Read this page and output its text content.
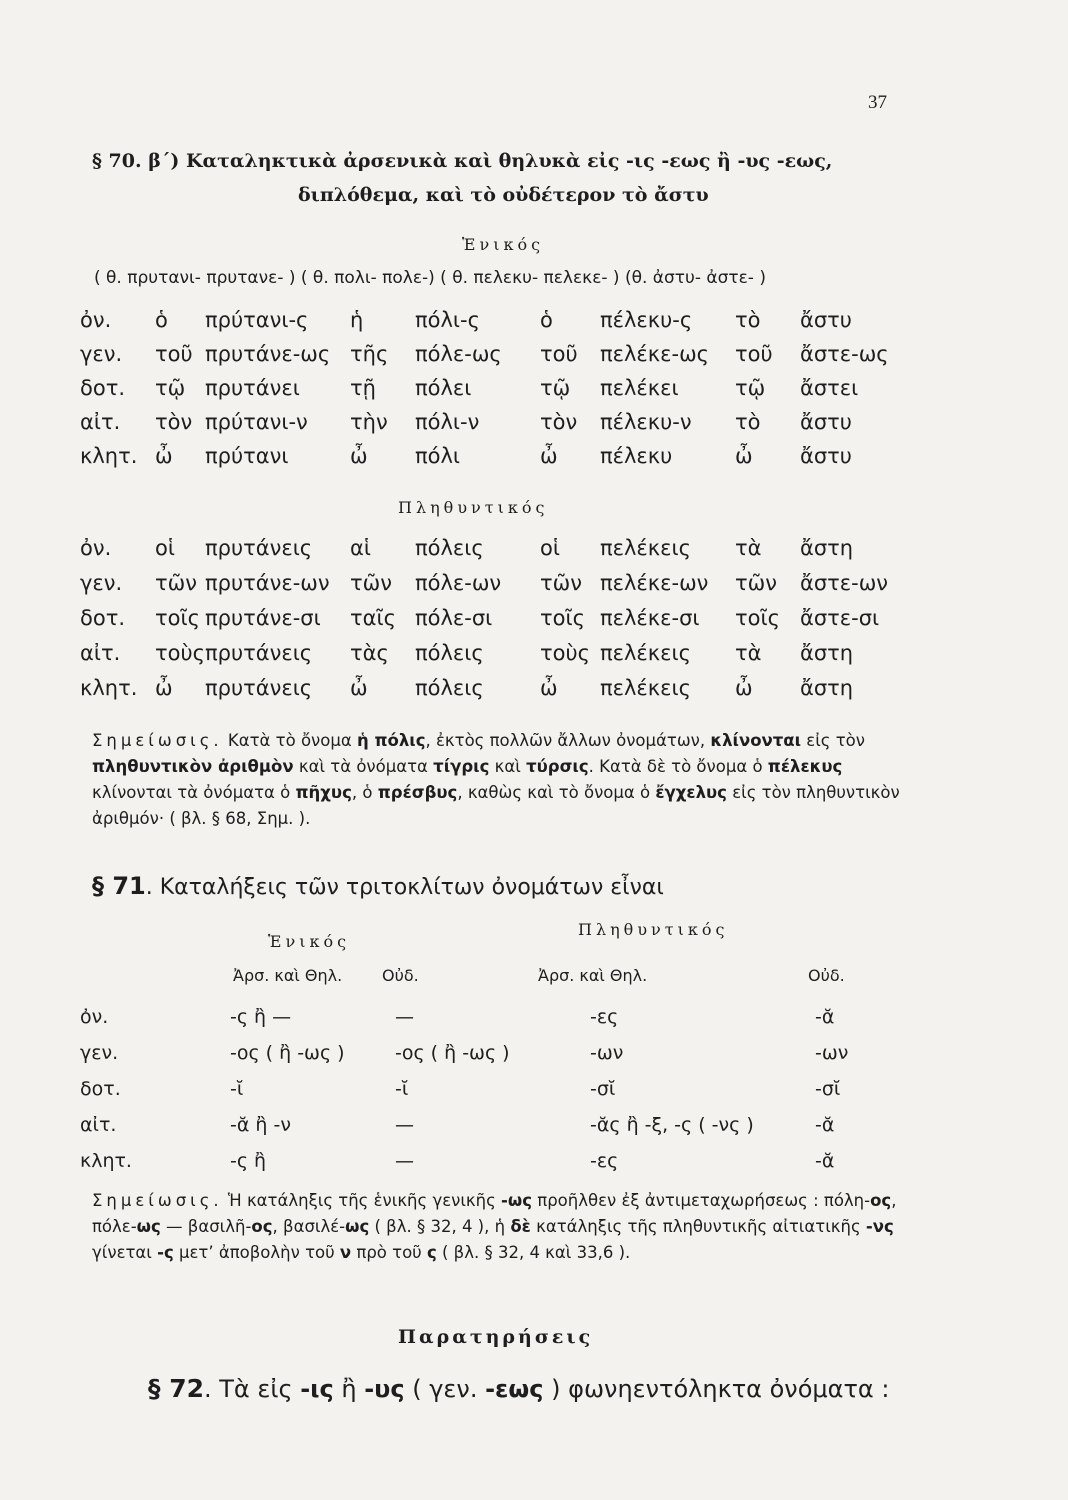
37
§ 70. β΄) Καταληκτικὰ ἀρσενικὰ καὶ θηλυκὰ εἰς -ις -εως ἢ -υς -εως,
διπλόθεμα, καὶ τὸ οὐδέτερον τὸ ἄστυ
Ἑνικός
( θ. πρυτανι- πρυτανε- ) ( θ. πολι- πολε-) ( θ. πελεκυ- πελεκε- ) (θ. ἀστυ- ἀστε- )
ὀν. ὁ πρύτανι-ς ἡ πόλι-ς	ὁ πέλεκυ-ς τὸ ἄστυ
γεν. τοῦ πρυτάνε-ως τῆς πόλε-ως τοῦ πελέκε-ως τοῦ ἄστε-ως
δοτ. τῷ πρυτάνει τῇ πόλει	τῷ πελέκει	τῷ ἄστει
αἰτ. τὸν πρύτανι-ν τὴν πόλι-ν	τὸν πέλεκυ-ν τὸ ἄστυ
κλητ. ὦ πρύτανι	ὦ πόλι	ὦ πέλεκυ	ὦ ἄστυ
Πληθυντικός
ὀν. οἱ πρυτάνεις αἱ πόλεις	οἱ πελέκεις τὰ ἄστη
γεν. τῶν πρυτάνε-ων τῶν πόλε-ων τῶν πελέκε-ων τῶν ἄστε-ων
δοτ. τοῖς πρυτάνε-σι ταῖς πόλε-σι τοῖς πελέκε-σι τοῖς ἄστε-σι
αἰτ. τοὺς πρυτάνεις τὰς πόλεις	τοὺς πελέκεις τὰ ἄστη
κλητ. ὦ πρυτάνεις ὦ πόλεις	ὦ πελέκεις ὦ ἄστη
Σημείωσις. Κατὰ τὸ ὄνομα ἡ πόλις, ἐκτὸς πολλῶν ἄλλων ὀνομάτων, κλίνονται εἰς τὸν πληθυντικὸν ἀριθμὸν καὶ τὰ ὀνόματα τίγρις καὶ τύρσις. Κατὰ δὲ τὸ ὄνομα ὁ πέλεκυς κλίνονται τὰ ὀνόματα ὁ πῆχυς, ὁ πρέσβυς, καθὼς καὶ τὸ ὄνομα ὁ ἔγχελυς εἰς τὸν πληθυντικὸν ἀριθμόν· ( βλ. § 68, Σημ. ).
§ 71. Καταλήξεις τῶν τριτοκλίτων ὀνομάτων εἶναι
Ἑνικός
Πληθυντικός
Ἀρσ. καὶ Θηλ. Οὐδ.	Ἀρσ. καὶ Θηλ.	Οὐδ.
ὀν.	-ς ἢ —	—	-ες	-ᾰ
γεν.	-ος ( ἢ -ως )	-ος ( ἢ -ως )	-ων	-ων
δοτ.	-ῐ	-ῐ	-σῐ	-σῐ
αἰτ.	-ᾰ ἢ -ν	—	-ᾰς ἢ -ξ, -ς ( -νς )	-ᾰ
κλητ.	-ς ἢ	—	-ες	-ᾰ
Σημείωσις. Ἡ κατάληξις τῆς ἑνικῆς γενικῆς -ως προῆλθεν ἐξ ἀντιμεταχωρήσεως : πόλη-ος, πόλε-ως — βασιλῆ-ος, βασιλέ-ως ( βλ. § 32, 4 ), ἡ δὲ κατάληξις τῆς πληθυντικῆς αἰτιατικῆς -νς γίνεται -ς μετ’ ἀποβολὴν τοῦ ν πρὸ τοῦ ς ( βλ. § 32, 4 καὶ 33,6 ).
Παρατηρήσεις
§ 72. Τὰ εἰς -ις ἢ -υς ( γεν. -εως ) φωνηεντόληκτα ὀνόματα :
